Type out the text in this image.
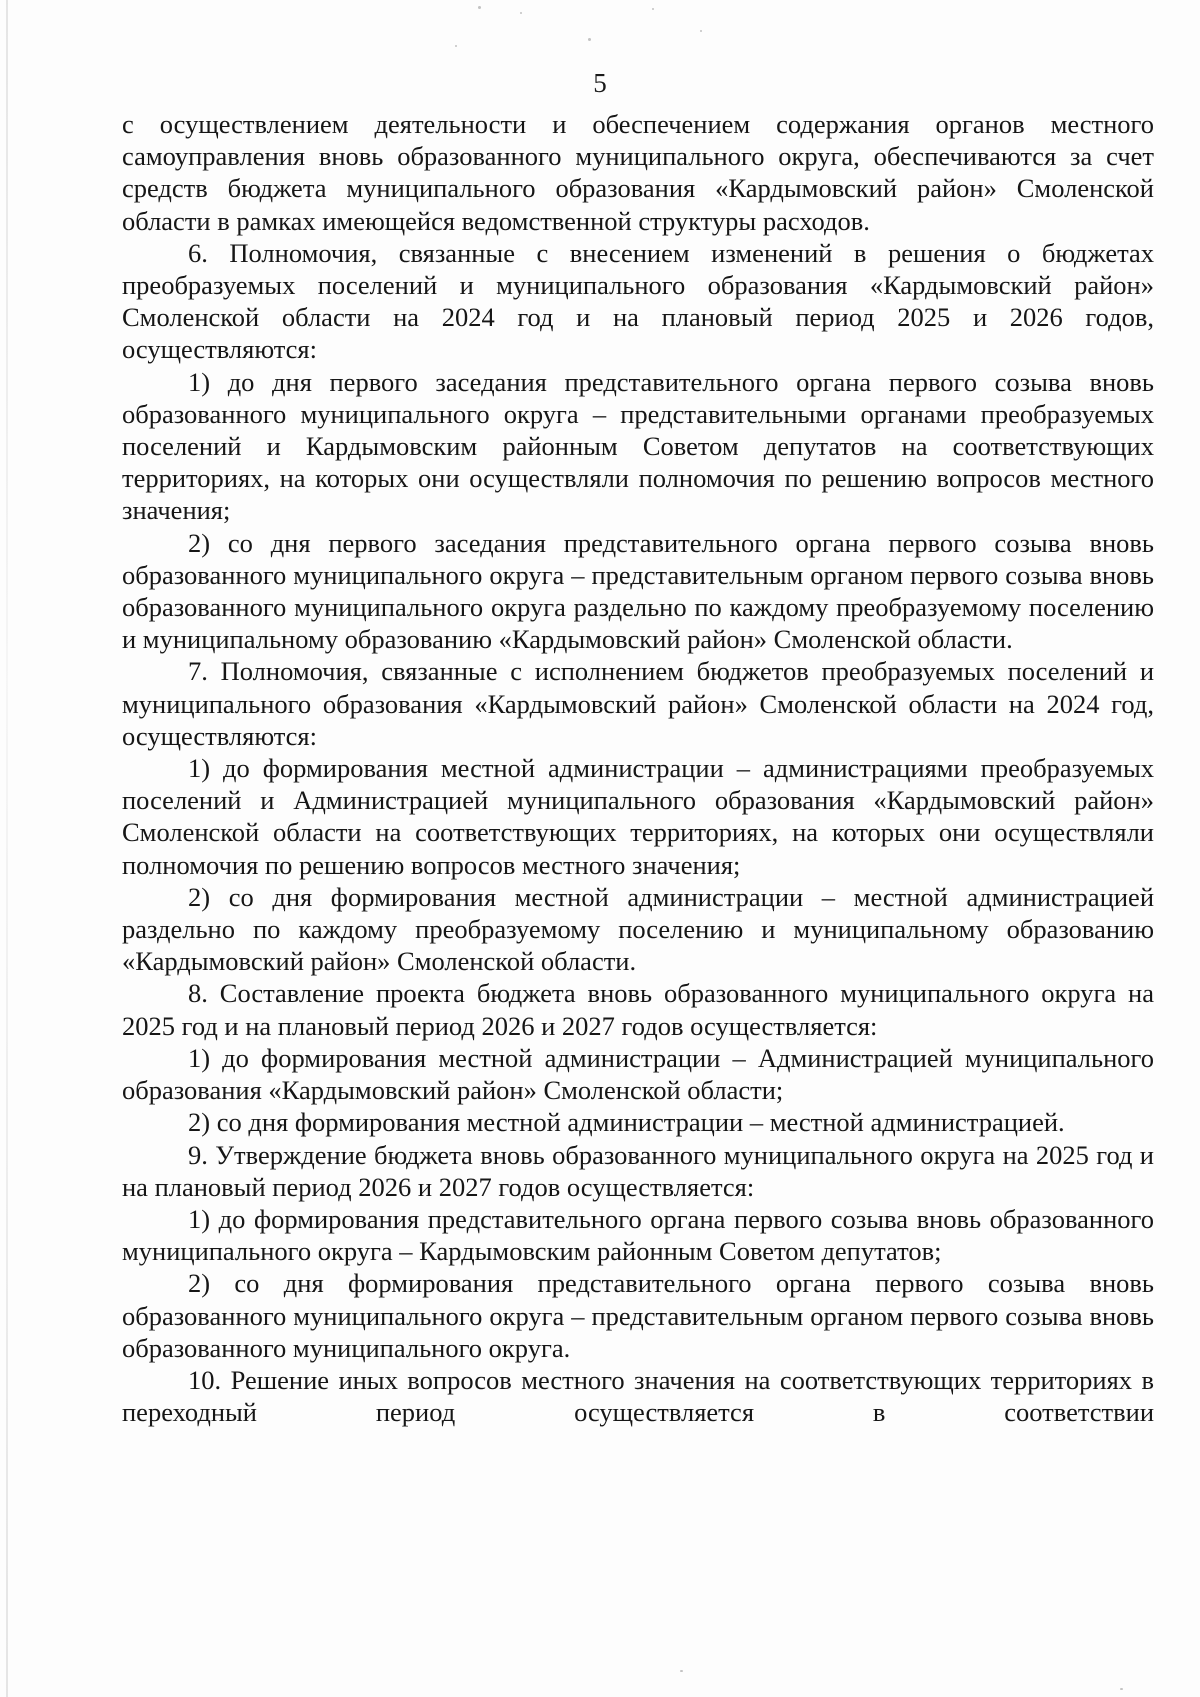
5

с осуществлением деятельности и обеспечением содержания органов местного самоуправления вновь образованного муниципального округа, обеспечиваются за счет средств бюджета муниципального образования «Кардымовский район» Смоленской области в рамках имеющейся ведомственной структуры расходов.

6. Полномочия, связанные с внесением изменений в решения о бюджетах преобразуемых поселений и муниципального образования «Кардымовский район» Смоленской области на 2024 год и на плановый период 2025 и 2026 годов, осуществляются:

1) до дня первого заседания представительного органа первого созыва вновь образованного муниципального округа – представительными органами преобразуемых поселений и Кардымовским районным Советом депутатов на соответствующих территориях, на которых они осуществляли полномочия по решению вопросов местного значения;

2) со дня первого заседания представительного органа первого созыва вновь образованного муниципального округа – представительным органом первого созыва вновь образованного муниципального округа раздельно по каждому преобразуемому поселению и муниципальному образованию «Кардымовский район» Смоленской области.

7. Полномочия, связанные с исполнением бюджетов преобразуемых поселений и муниципального образования «Кардымовский район» Смоленской области на 2024 год, осуществляются:

1) до формирования местной администрации – администрациями преобразуемых поселений и Администрацией муниципального образования «Кардымовский район» Смоленской области на соответствующих территориях, на которых они осуществляли полномочия по решению вопросов местного значения;

2) со дня формирования местной администрации – местной администрацией раздельно по каждому преобразуемому поселению и муниципальному образованию «Кардымовский район» Смоленской области.

8. Составление проекта бюджета вновь образованного муниципального округа на 2025 год и на плановый период 2026 и 2027 годов осуществляется:

1) до формирования местной администрации – Администрацией муниципального образования «Кардымовский район» Смоленской области;

2) со дня формирования местной администрации – местной администрацией.

9. Утверждение бюджета вновь образованного муниципального округа на 2025 год и на плановый период 2026 и 2027 годов осуществляется:

1) до формирования представительного органа первого созыва вновь образованного муниципального округа – Кардымовским районным Советом депутатов;

2) со дня формирования представительного органа первого созыва вновь образованного муниципального округа – представительным органом первого созыва вновь образованного муниципального округа.

10. Решение иных вопросов местного значения на соответствующих территориях в переходный период осуществляется в соответствии
